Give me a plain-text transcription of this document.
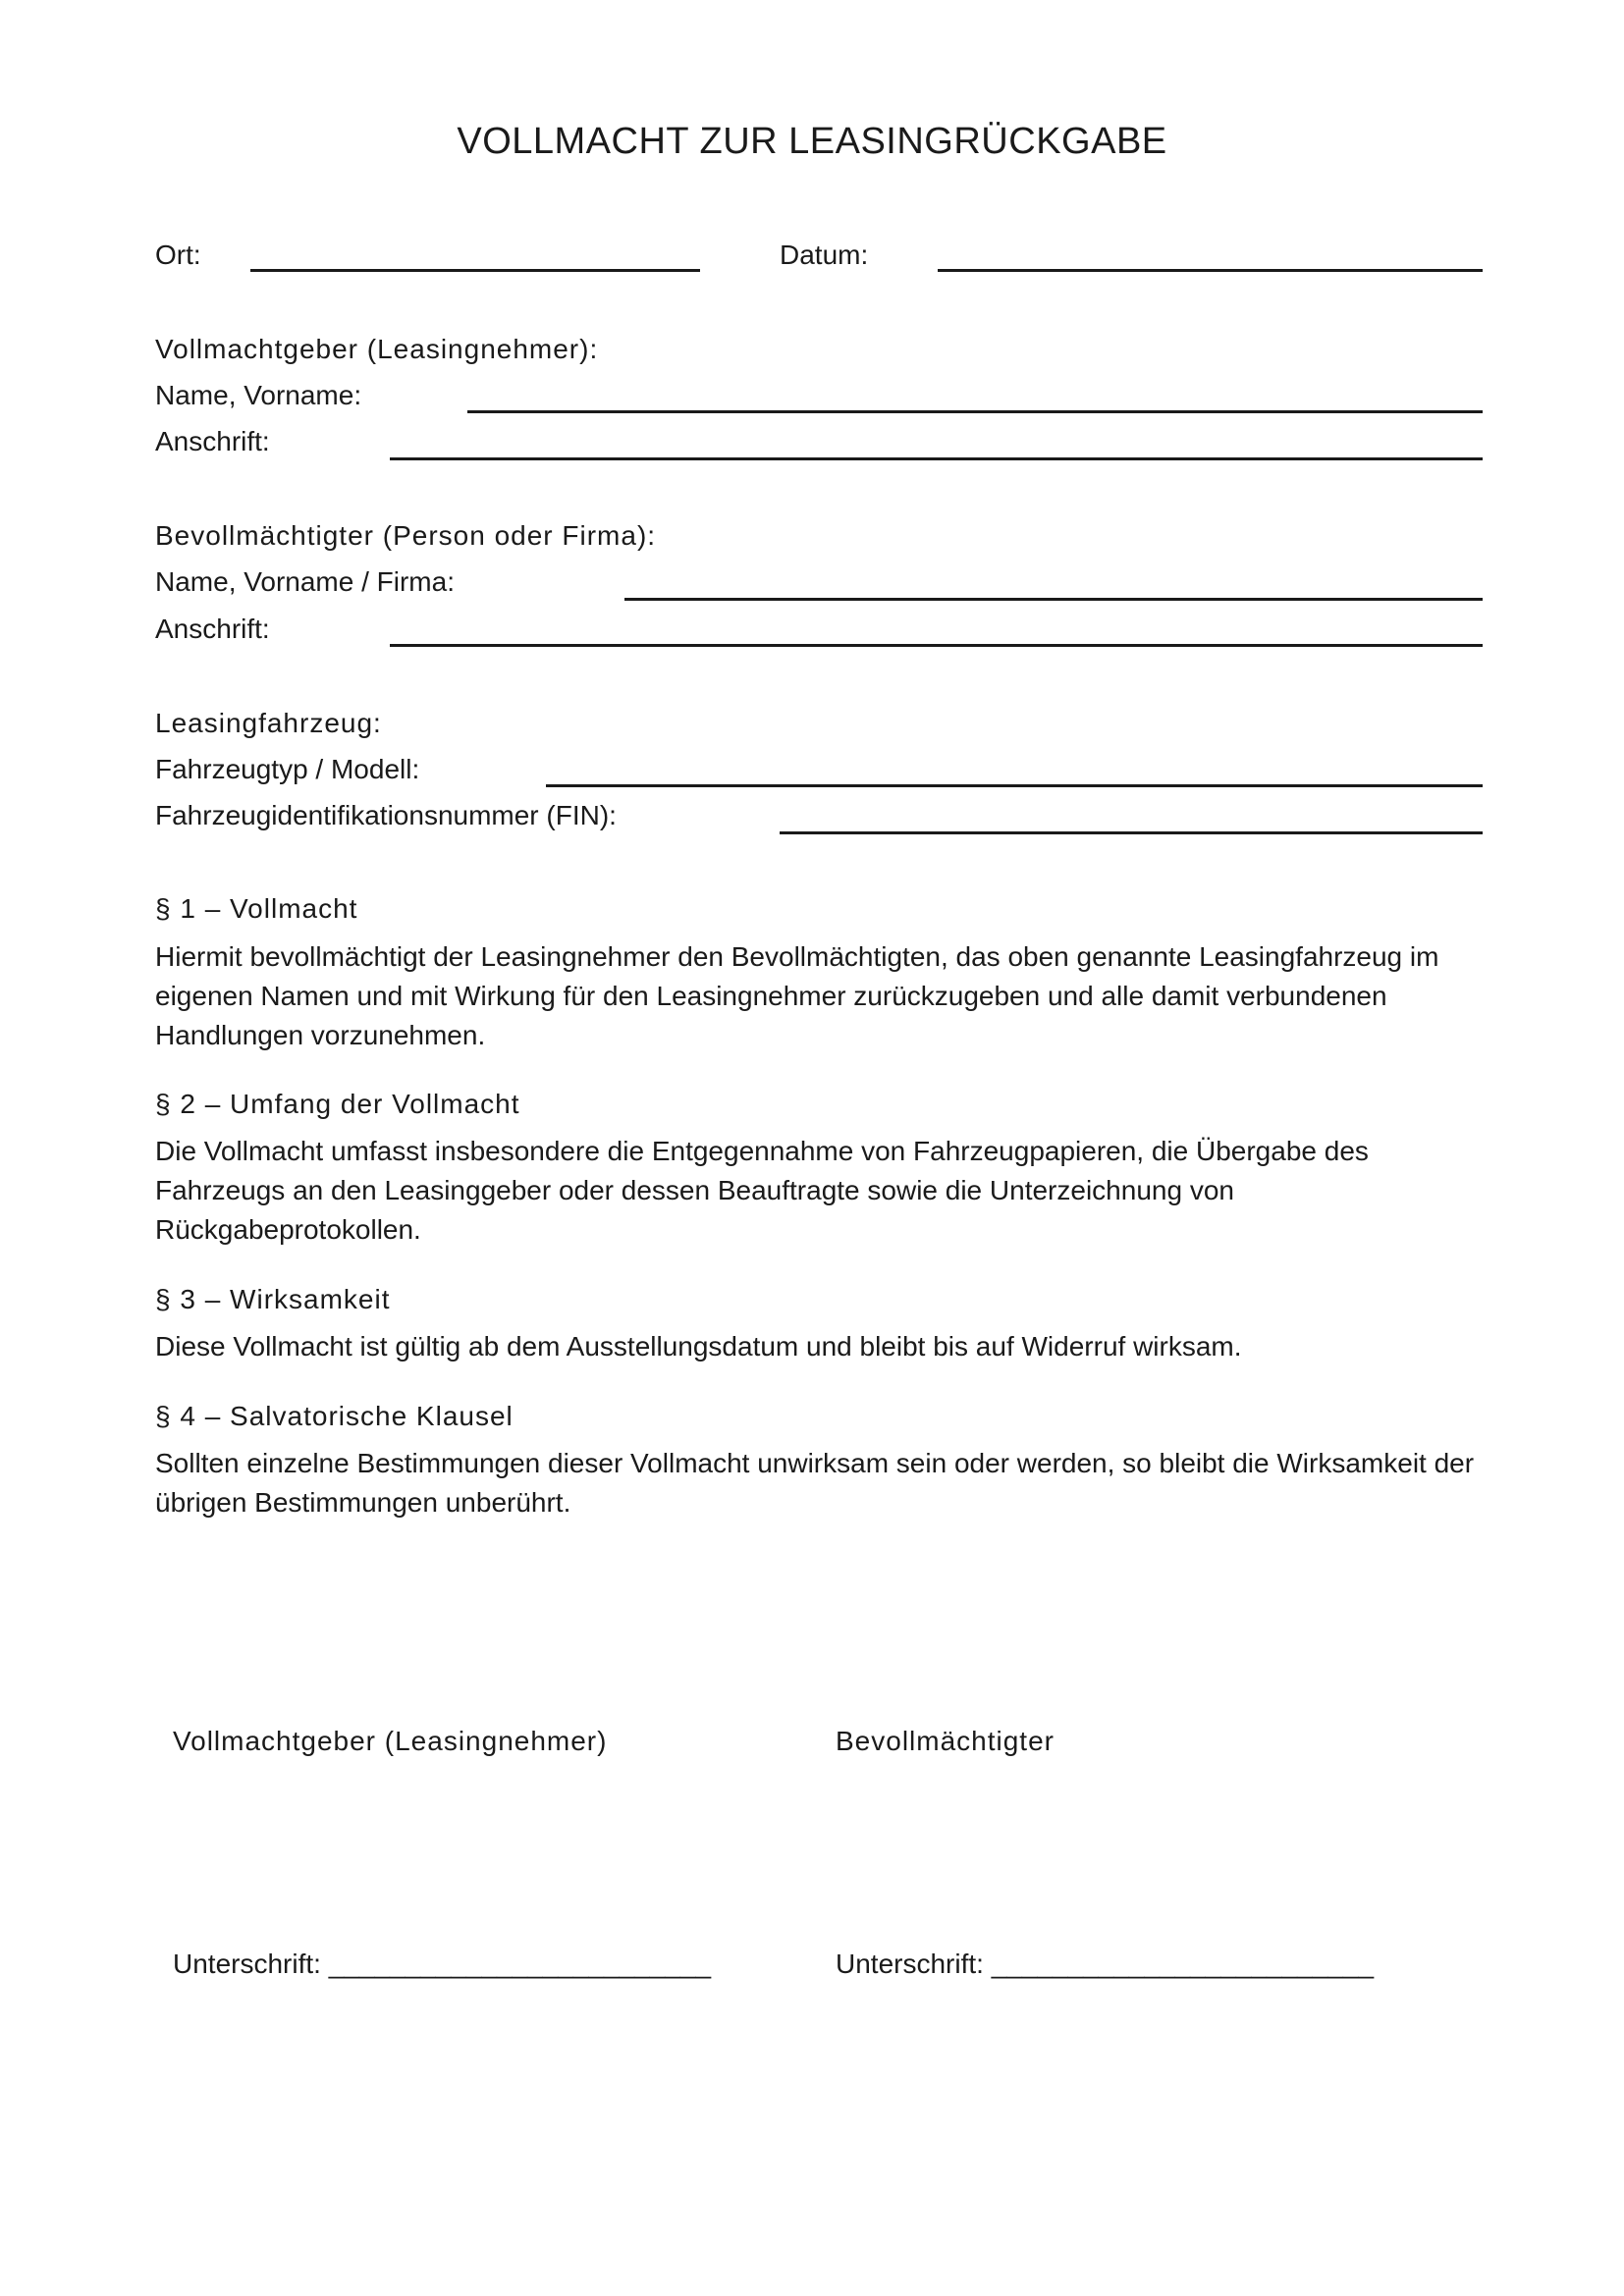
VOLLMACHT ZUR LEASINGRÜCKGABE
Ort:	Datum:
Vollmachtgeber (Leasingnehmer):
Name, Vorname:
Anschrift:
Bevollmächtigter (Person oder Firma):
Name, Vorname / Firma:
Anschrift:
Leasingfahrzeug:
Fahrzeugtyp / Modell:
Fahrzeugidentifikationsnummer (FIN):
§ 1 – Vollmacht
Hiermit bevollmächtigt der Leasingnehmer den Bevollmächtigten, das oben genannte Leasingfahrzeug im eigenen Namen und mit Wirkung für den Leasingnehmer zurückzugeben und alle damit verbundenen Handlungen vorzunehmen.
§ 2 – Umfang der Vollmacht
Die Vollmacht umfasst insbesondere die Entgegennahme von Fahrzeugpapieren, die Übergabe des Fahrzeugs an den Leasinggeber oder dessen Beauftragte sowie die Unterzeichnung von Rückgabeprotokollen.
§ 3 – Wirksamkeit
Diese Vollmacht ist gültig ab dem Ausstellungsdatum und bleibt bis auf Widerruf wirksam.
§ 4 – Salvatorische Klausel
Sollten einzelne Bestimmungen dieser Vollmacht unwirksam sein oder werden, so bleibt die Wirksamkeit der übrigen Bestimmungen unberührt.
Vollmachtgeber (Leasingnehmer)	Bevollmächtigter
Unterschrift: _________________________	Unterschrift: _________________________
